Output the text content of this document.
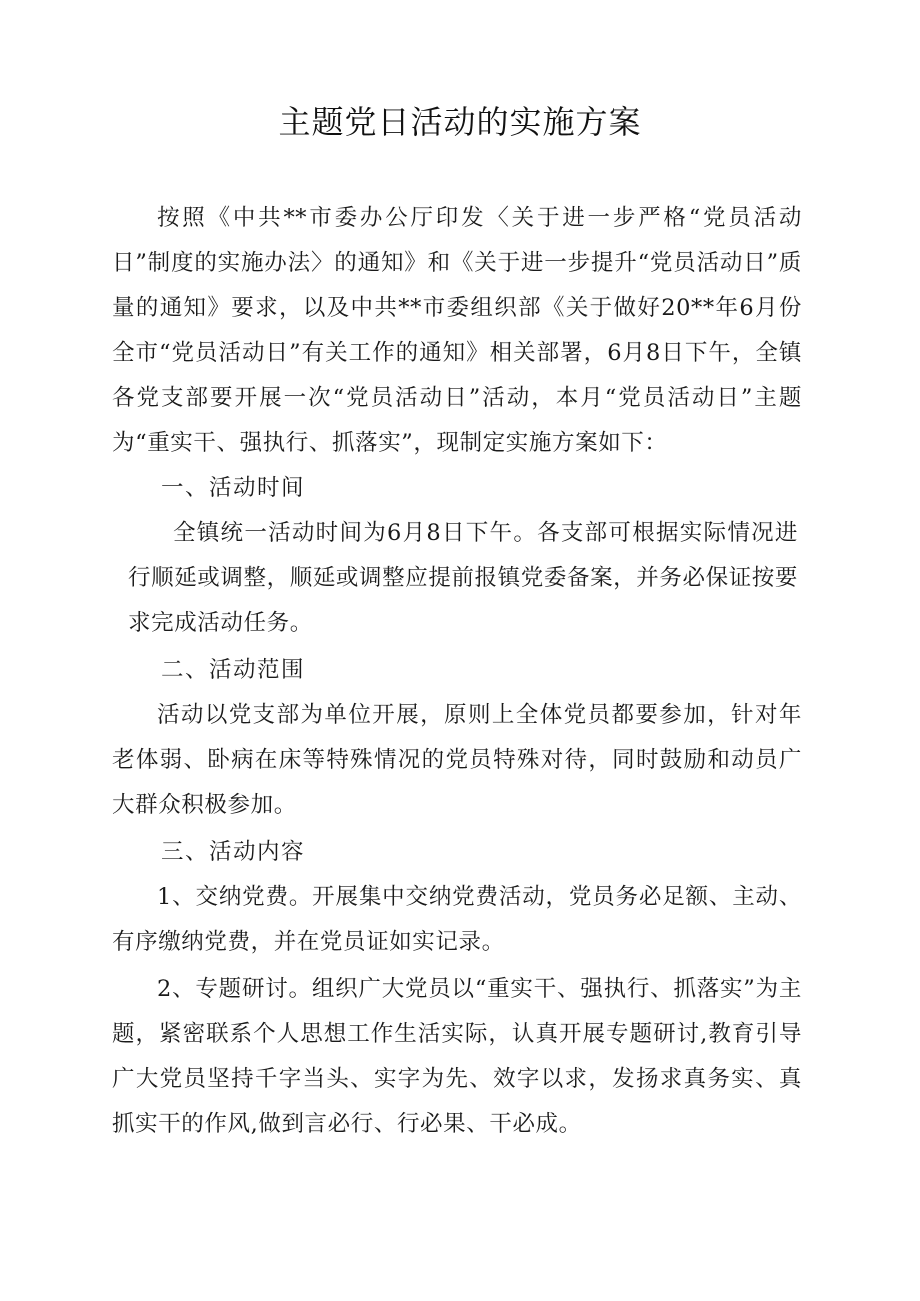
主题党日活动的实施方案

按照《中共**市委办公厅印发〈关于进一步严格“党员活动日”制度的实施办法〉的通知》和《关于进一步提升“党员活动日”质量的通知》要求，以及中共**市委组织部《关于做好20**年6月份全市“党员活动日”有关工作的通知》相关部署，6月8日下午，全镇各党支部要开展一次“党员活动日”活动，本月“党员活动日”主题为“重实干、强执行、抓落实”，现制定实施方案如下：

一、活动时间

全镇统一活动时间为6月8日下午。各支部可根据实际情况进行顺延或调整，顺延或调整应提前报镇党委备案，并务必保证按要求完成活动任务。

二、活动范围

活动以党支部为单位开展，原则上全体党员都要参加，针对年老体弱、卧病在床等特殊情况的党员特殊对待，同时鼓励和动员广大群众积极参加。

三、活动内容

1、交纳党费。开展集中交纳党费活动，党员务必足额、主动、有序缴纳党费，并在党员证如实记录。

2、专题研讨。组织广大党员以“重实干、强执行、抓落实”为主题，紧密联系个人思想工作生活实际，认真开展专题研讨,教育引导广大党员坚持千字当头、实字为先、效字以求，发扬求真务实、真抓实干的作风,做到言必行、行必果、干必成。
